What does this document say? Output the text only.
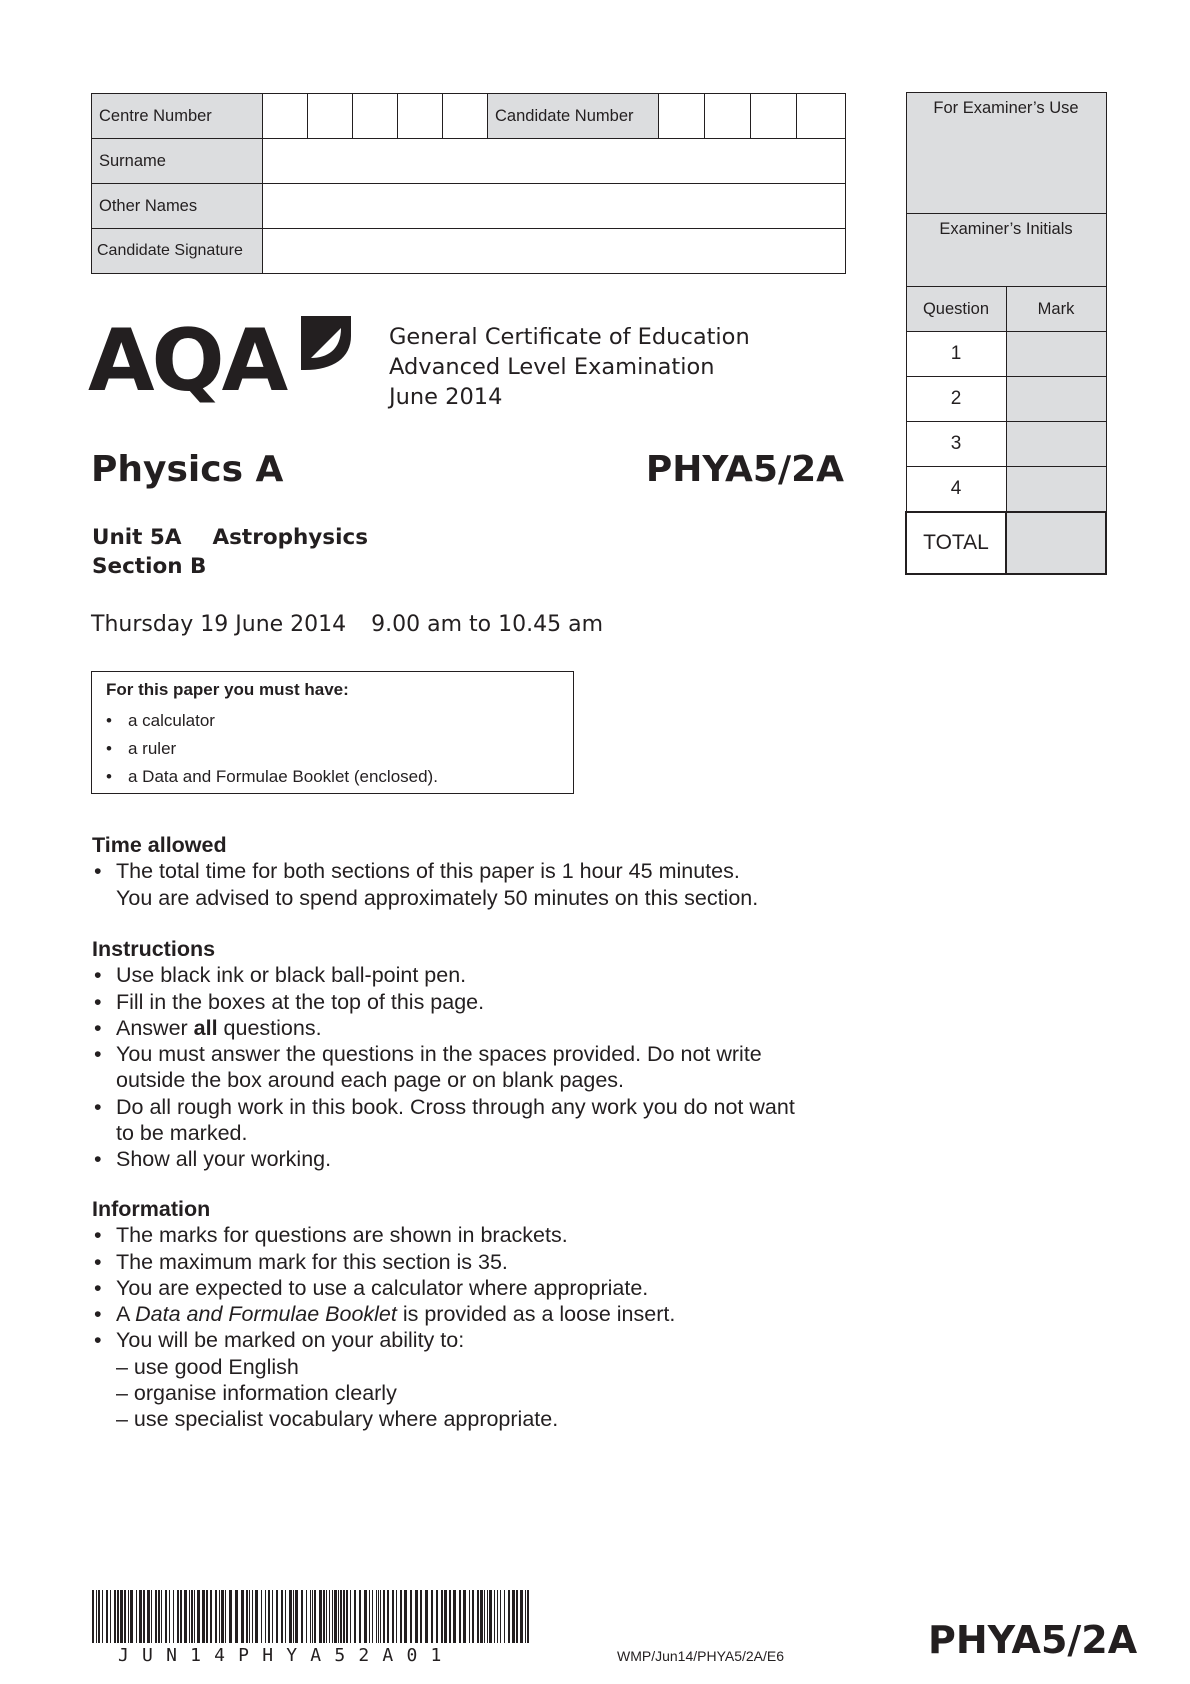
Centre Number						Candidate Number				
Surname										
Other Names										
Candidate Signature										
For Examiner’s Use	
Examiner’s Initials	
Question	Mark
1	
2	
3	
4	
TOTAL	
AQA	General Certificate of Education
Advanced Level Examination
June 2014
Physics A	PHYA5/2A
Unit 5A Astrophysics
Section B
Thursday 19 June 2014 9.00 am to 10.45 am
For this paper you must have:
• a calculator
• a ruler
• a Data and Formulae Booklet (enclosed).
Time allowed
• The total time for both sections of this paper is 1 hour 45 minutes.
You are advised to spend approximately 50 minutes on this section.
Instructions
• Use black ink or black ball-point pen.
• Fill in the boxes at the top of this page.
• Answer all questions.
• You must answer the questions in the spaces provided. Do not write outside the box around each page or on blank pages.
• Do all rough work in this book. Cross through any work you do not want to be marked.
• Show all your working.
Information
• The marks for questions are shown in brackets.
• The maximum mark for this section is 35.
• You are expected to use a calculator where appropriate.
• A Data and Formulae Booklet is provided as a loose insert.
• You will be marked on your ability to:
– use good English
– organise information clearly
– use specialist vocabulary where appropriate.
JUN14PHYA52A01	WMP/Jun14/PHYA5/2A/E6	PHYA5/2A
